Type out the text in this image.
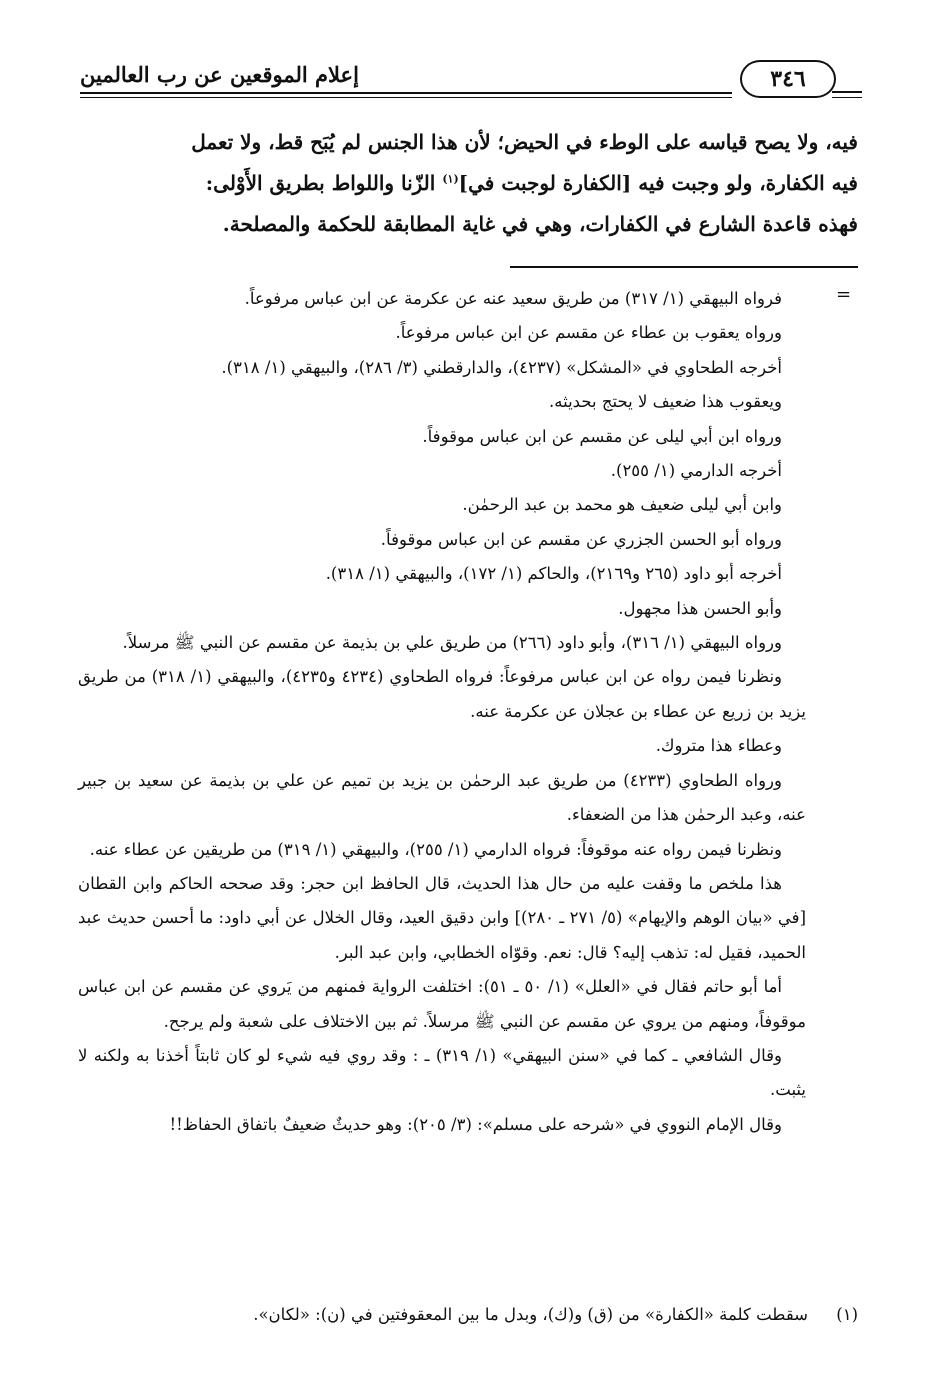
إعلام الموقعين عن رب العالمين	٣٤٦

فيه، ولا يصح قياسه على الوطء في الحيض؛ لأن هذا الجنس لم يُبَح قط، ولا تعمل

فيه الكفارة، ولو وجبت فيه [الكفارة لوجبت في]$^{(١)}$ الزّنا واللواط بطريق الأَوْلى:

فهذه قاعدة الشارع في الكفارات، وهي في غاية المطابقة للحكمة والمصلحة.

=

فرواه البيهقي (١/ ٣١٧) من طريق سعيد عنه عن عكرمة عن ابن عباس مرفوعاً.

ورواه يعقوب بن عطاء عن مقسم عن ابن عباس مرفوعاً.

أخرجه الطحاوي في «المشكل» (٤٢٣٧)، والدارقطني (٣/ ٢٨٦)، والبيهقي (١/ ٣١٨).

ويعقوب هذا ضعيف لا يحتج بحديثه.

ورواه ابن أبي ليلى عن مقسم عن ابن عباس موقوفاً.

أخرجه الدارمي (١/ ٢٥٥).

وابن أبي ليلى ضعيف هو محمد بن عبد الرحمٰن.

ورواه أبو الحسن الجزري عن مقسم عن ابن عباس موقوفاً.

أخرجه أبو داود (٢٦٥ و٢١٦٩)، والحاكم (١/ ١٧٢)، والبيهقي (١/ ٣١٨).

وأبو الحسن هذا مجهول.

ورواه البيهقي (١/ ٣١٦)، وأبو داود (٢٦٦) من طريق علي بن بذيمة عن مقسم عن النبي ﷺ مرسلاً.

ونظرنا فيمن رواه عن ابن عباس مرفوعاً: فرواه الطحاوي (٤٢٣٤ و٤٢٣٥)، والبيهقي (١/ ٣١٨) من طريق يزيد بن زريع عن عطاء بن عجلان عن عكرمة عنه.

وعطاء هذا متروك.

ورواه الطحاوي (٤٢٣٣) من طريق عبد الرحمٰن بن يزيد بن تميم عن علي بن بذيمة عن سعيد بن جبير عنه، وعبد الرحمٰن هذا من الضعفاء.

ونظرنا فيمن رواه عنه موقوفاً: فرواه الدارمي (١/ ٢٥٥)، والبيهقي (١/ ٣١٩) من طريقين عن عطاء عنه.

هذا ملخص ما وقفت عليه من حال هذا الحديث، قال الحافظ ابن حجر: وقد صححه الحاكم وابن القطان [في «بيان الوهم والإيهام» (٥/ ٢٧١ ـ ٢٨٠)] وابن دقيق العيد، وقال الخلال عن أبي داود: ما أحسن حديث عبد الحميد، فقيل له: تذهب إليه؟ قال: نعم. وقوّاه الخطابي، وابن عبد البر.

أما أبو حاتم فقال في «العلل» (١/ ٥٠ ـ ٥١): اختلفت الرواية فمنهم من يَروي عن مقسم عن ابن عباس موقوفاً، ومنهم من يروي عن مقسم عن النبي ﷺ مرسلاً. ثم بين الاختلاف على شعبة ولم يرجح.

وقال الشافعي ـ كما في «سنن البيهقي» (١/ ٣١٩) ـ : وقد روي فيه شيء لو كان ثابتاً أخذنا به ولكنه لا يثبت.

وقال الإمام النووي في «شرحه على مسلم»: (٣/ ٢٠٥): وهو حديثٌ ضعيفٌ باتفاق الحفاظ!!

(١)سقطت كلمة «الكفارة» من (ق) و(ك)، وبدل ما بين المعقوفتين في (ن): «لكان».
